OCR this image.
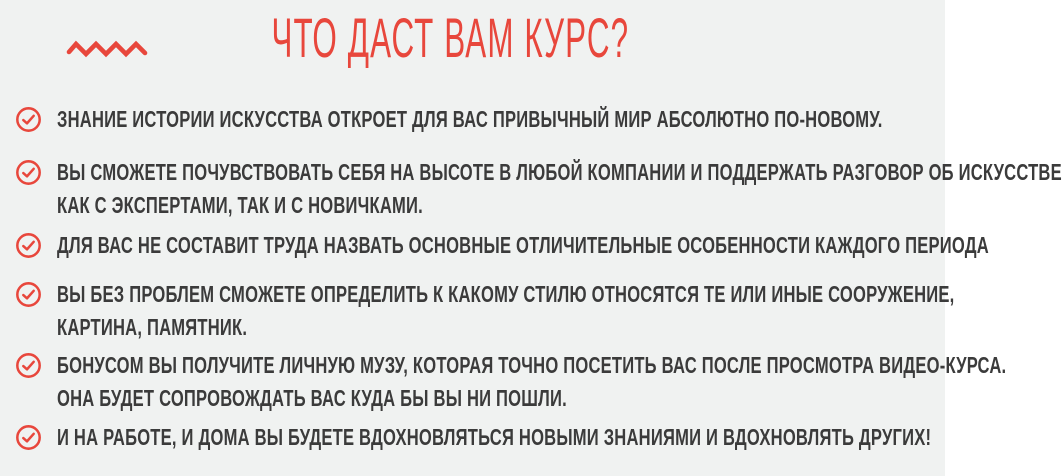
ЧТО ДАСТ ВАМ КУРС?
ЗНАНИЕ ИСТОРИИ ИСКУССТВА ОТКРОЕТ ДЛЯ ВАС ПРИВЫЧНЫЙ МИР АБСОЛЮТНО ПО-НОВОМУ.
ВЫ СМОЖЕТЕ ПОЧУВСТВОВАТЬ СЕБЯ НА ВЫСОТЕ В ЛЮБОЙ КОМПАНИИ И ПОДДЕРЖАТЬ РАЗГОВОР ОБ ИСКУССТВЕ
КАК С ЭКСПЕРТАМИ, ТАК И С НОВИЧКАМИ.
ДЛЯ ВАС НЕ СОСТАВИТ ТРУДА НАЗВАТЬ ОСНОВНЫЕ ОТЛИЧИТЕЛЬНЫЕ ОСОБЕННОСТИ КАЖДОГО ПЕРИОДА
ВЫ БЕЗ ПРОБЛЕМ СМОЖЕТЕ ОПРЕДЕЛИТЬ К КАКОМУ СТИЛЮ ОТНОСЯТСЯ ТЕ ИЛИ ИНЫЕ СООРУЖЕНИЕ,
КАРТИНА, ПАМЯТНИК.
БОНУСОМ ВЫ ПОЛУЧИТЕ ЛИЧНУЮ МУЗУ, КОТОРАЯ ТОЧНО ПОСЕТИТЬ ВАС ПОСЛЕ ПРОСМОТРА ВИДЕО-КУРСА.
ОНА БУДЕТ СОПРОВОЖДАТЬ ВАС КУДА БЫ ВЫ НИ ПОШЛИ.
И НА РАБОТЕ, И ДОМА ВЫ БУДЕТЕ ВДОХНОВЛЯТЬСЯ НОВЫМИ ЗНАНИЯМИ И ВДОХНОВЛЯТЬ ДРУГИХ!
